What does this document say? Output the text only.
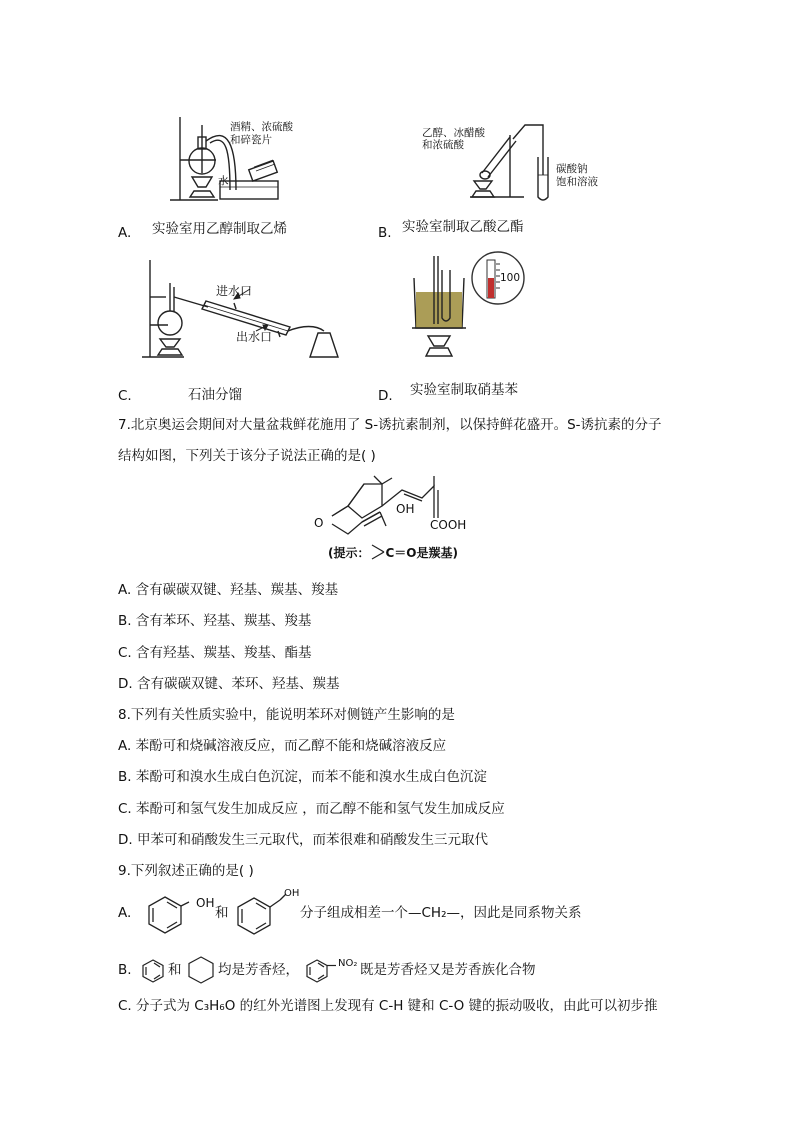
酒精、浓硫酸
和碎瓷片
水
实验室用乙醇制取乙烯
A.
乙醇、冰醋酸
和浓硫酸
碳酸钠
饱和溶液
实验室制取乙酸乙酯
B.
进水口
出水口
石油分馏
C.
100
实验室制取硝基苯
D.
7.北京奥运会期间对大量盆栽鲜花施用了 S-诱抗素制剂，以保持鲜花盛开。S-诱抗素的分子
结构如图，下列关于该分子说法正确的是( )
OH
COOH
O
(提示： C＝O是羰基)
A. 含有碳碳双键、羟基、羰基、羧基
B. 含有苯环、羟基、羰基、羧基
C. 含有羟基、羰基、羧基、酯基
D. 含有碳碳双键、苯环、羟基、羰基
8.下列有关性质实验中，能说明苯环对侧链产生影响的是
A. 苯酚可和烧碱溶液反应，而乙醇不能和烧碱溶液反应
B. 苯酚可和溴水生成白色沉淀，而苯不能和溴水生成白色沉淀
C. 苯酚可和氢气发生加成反应 ，而乙醇不能和氢气发生加成反应
D. 甲苯可和硝酸发生三元取代，而苯很难和硝酸发生三元取代
9.下列叙述正确的是( )
A.
OH
和
OH
分子组成相差一个—CH₂—，因此是同系物关系
B.	和	均是芳香烃，	NO₂ 既是芳香烃又是芳香族化合物
C. 分子式为 C₃H₆O 的红外光谱图上发现有 C-H 键和 C-O 键的振动吸收，由此可以初步推
